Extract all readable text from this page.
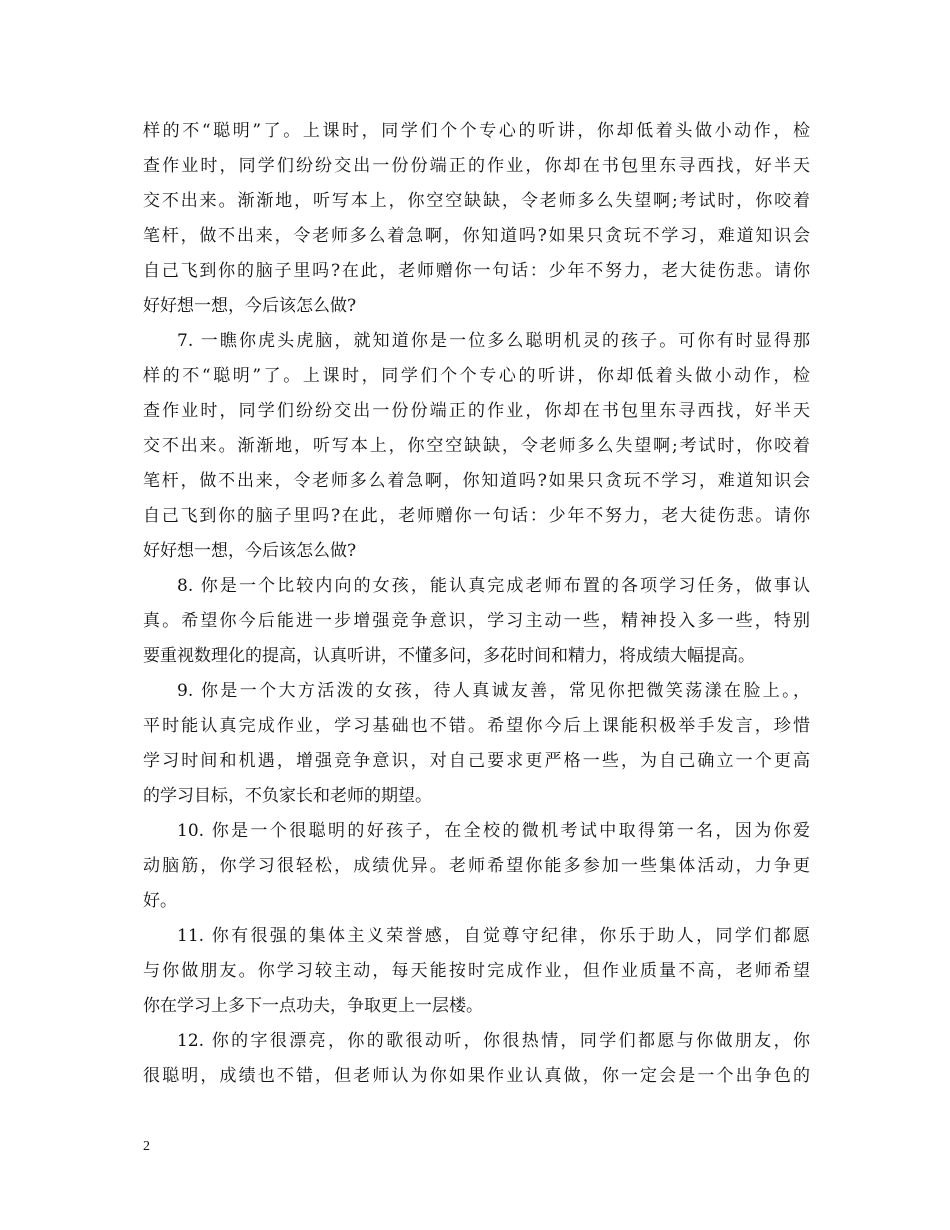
样的不“聪明”了。上课时，同学们个个专心的听讲，你却低着头做小动作，检
查作业时，同学们纷纷交出一份份端正的作业，你却在书包里东寻西找，好半天
交不出来。渐渐地，听写本上，你空空缺缺，令老师多么失望啊;考试时，你咬着
笔杆，做不出来，令老师多么着急啊，你知道吗?如果只贪玩不学习，难道知识会
自己飞到你的脑子里吗?在此，老师赠你一句话：少年不努力，老大徒伤悲。请你
好好想一想，今后该怎么做?
7. 一瞧你虎头虎脑，就知道你是一位多么聪明机灵的孩子。可你有时显得那
样的不“聪明”了。上课时，同学们个个专心的听讲，你却低着头做小动作，检
查作业时，同学们纷纷交出一份份端正的作业，你却在书包里东寻西找，好半天
交不出来。渐渐地，听写本上，你空空缺缺，令老师多么失望啊;考试时，你咬着
笔杆，做不出来，令老师多么着急啊，你知道吗?如果只贪玩不学习，难道知识会
自己飞到你的脑子里吗?在此，老师赠你一句话：少年不努力，老大徒伤悲。请你
好好想一想，今后该怎么做?
8. 你是一个比较内向的女孩，能认真完成老师布置的各项学习任务，做事认
真。希望你今后能进一步增强竞争意识，学习主动一些，精神投入多一些，特别
要重视数理化的提高，认真听讲，不懂多问，多花时间和精力，将成绩大幅提高。
9. 你是一个大方活泼的女孩，待人真诚友善，常见你把微笑荡漾在脸上。，
平时能认真完成作业，学习基础也不错。希望你今后上课能积极举手发言，珍惜
学习时间和机遇，增强竞争意识，对自己要求更严格一些，为自己确立一个更高
的学习目标，不负家长和老师的期望。
10. 你是一个很聪明的好孩子，在全校的微机考试中取得第一名，因为你爱
动脑筋，你学习很轻松，成绩优异。老师希望你能多参加一些集体活动，力争更
好。
11. 你有很强的集体主义荣誉感，自觉尊守纪律，你乐于助人，同学们都愿
与你做朋友。你学习较主动，每天能按时完成作业，但作业质量不高，老师希望
你在学习上多下一点功夫，争取更上一层楼。
12. 你的字很漂亮，你的歌很动听，你很热情，同学们都愿与你做朋友，你
很聪明，成绩也不错，但老师认为你如果作业认真做，你一定会是一个出争色的
2
